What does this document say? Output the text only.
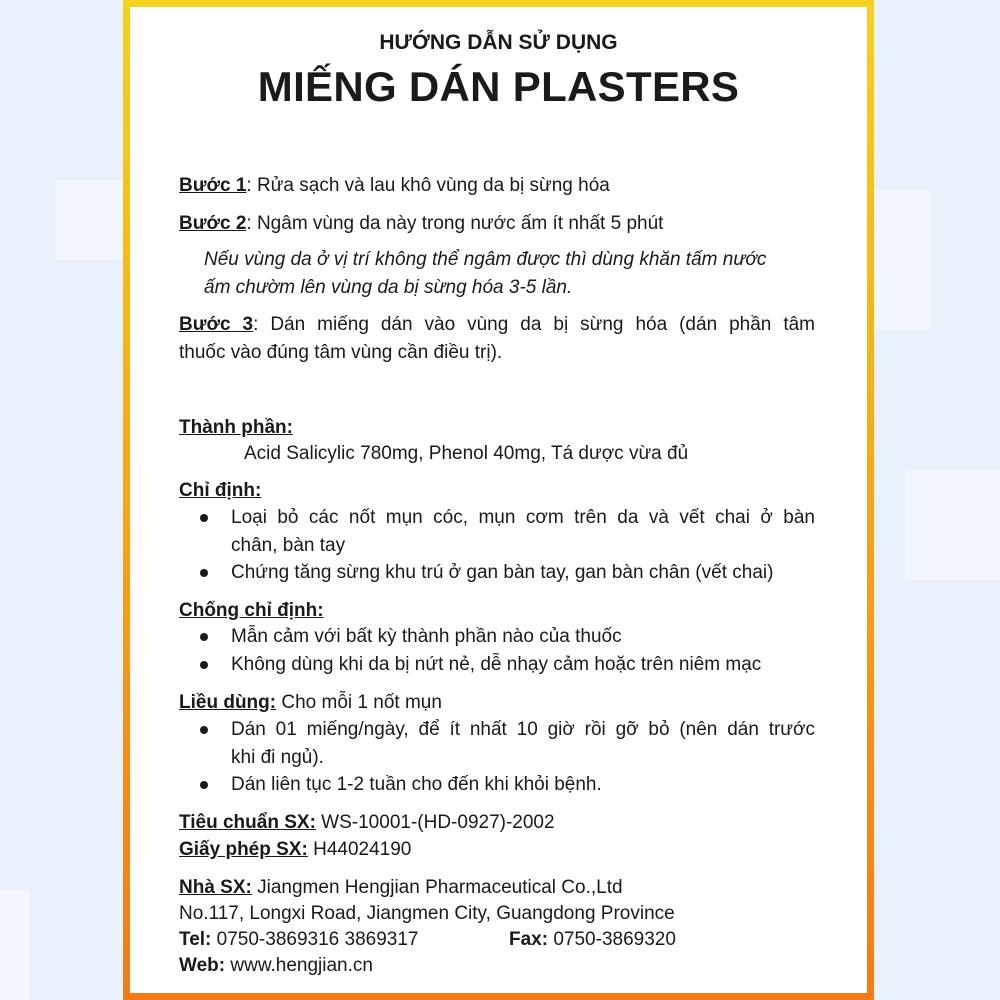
HƯỚNG DẪN SỬ DỤNG
MIẾNG DÁN PLASTERS
Bước 1: Rửa sạch và lau khô vùng da bị sừng hóa
Bước 2: Ngâm vùng da này trong nước ấm ít nhất 5 phút
Nếu vùng da ở vị trí không thể ngâm được thì dùng khăn tấm nước
ấm chườm lên vùng da bị sừng hóa 3-5 lần.
Bước 3: Dán miếng dán vào vùng da bị sừng hóa (dán phần tâm
thuốc vào đúng tâm vùng cần điều trị).
Thành phần:
Acid Salicylic 780mg, Phenol 40mg, Tá dược vừa đủ
Chỉ định:
Loại bỏ các nốt mụn cóc, mụn cơm trên da và vết chai ở bàn
chân, bàn tay
Chứng tăng sừng khu trú ở gan bàn tay, gan bàn chân (vết chai)
Chống chỉ định:
Mẫn cảm với bất kỳ thành phần nào của thuốc
Không dùng khi da bị nứt nẻ, dễ nhạy cảm hoặc trên niêm mạc
Liều dùng: Cho mỗi 1 nốt mụn
Dán 01 miếng/ngày, để ít nhất 10 giờ rồi gỡ bỏ (nên dán trước
khi đi ngủ).
Dán liên tục 1-2 tuần cho đến khi khỏi bệnh.
Tiêu chuẩn SX: WS-10001-(HD-0927)-2002
Giấy phép SX: H44024190
Nhà SX: Jiangmen Hengjian Pharmaceutical Co.,Ltd
No.117, Longxi Road, Jiangmen City, Guangdong Province
Tel: 0750-3869316 3869317	Fax: 0750-3869320
Web: www.hengjian.cn
